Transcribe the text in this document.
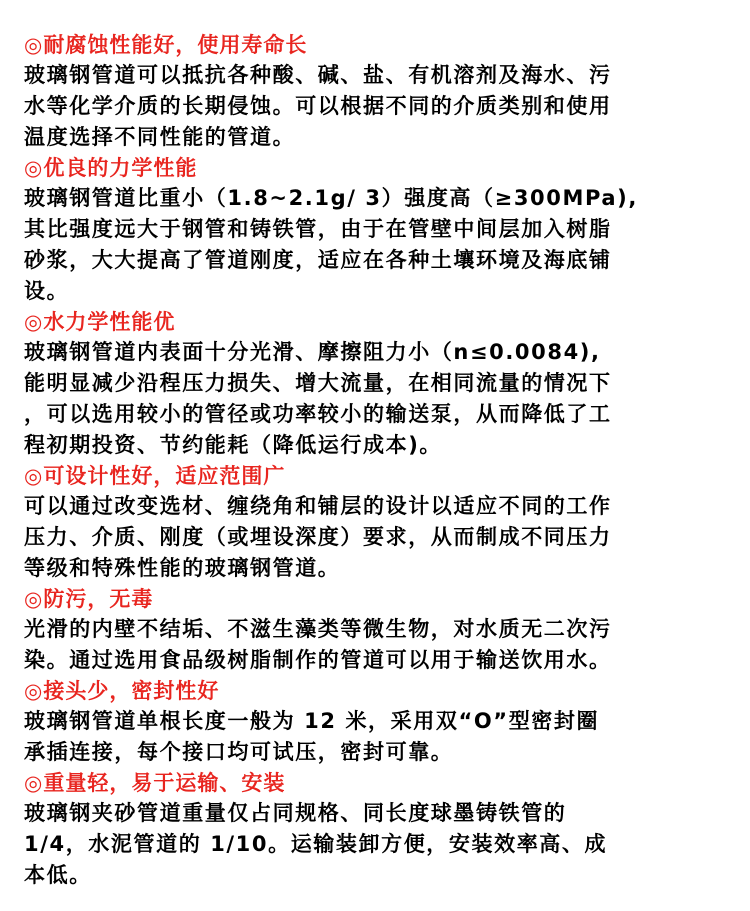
◎耐腐蚀性能好，使用寿命长
玻璃钢管道可以抵抗各种酸、碱、盐、有机溶剂及海水、污
水等化学介质的长期侵蚀。可以根据不同的介质类别和使用
温度选择不同性能的管道。
◎优良的力学性能
玻璃钢管道比重小（1.8~2.1g/ 3）强度高（≥300MPa),
其比强度远大于钢管和铸铁管，由于在管壁中间层加入树脂
砂浆，大大提高了管道刚度，适应在各种土壤环境及海底铺
设。
◎水力学性能优
玻璃钢管道内表面十分光滑、摩擦阻力小（n≤0.0084),
能明显减少沿程压力损失、增大流量，在相同流量的情况下
，可以选用较小的管径或功率较小的输送泵，从而降低了工
程初期投资、节约能耗（降低运行成本)。
◎可设计性好，适应范围广
可以通过改变选材、缠绕角和铺层的设计以适应不同的工作
压力、介质、刚度（或埋设深度）要求，从而制成不同压力
等级和特殊性能的玻璃钢管道。
◎防污，无毒
光滑的内壁不结垢、不滋生藻类等微生物，对水质无二次污
染。通过选用食品级树脂制作的管道可以用于输送饮用水。
◎接头少，密封性好
玻璃钢管道单根长度一般为 12 米，采用双“O”型密封圈
承插连接，每个接口均可试压，密封可靠。
◎重量轻，易于运输、安装
玻璃钢夹砂管道重量仅占同规格、同长度球墨铸铁管的
1/4，水泥管道的 1/10。运输装卸方便，安装效率高、成
本低。
